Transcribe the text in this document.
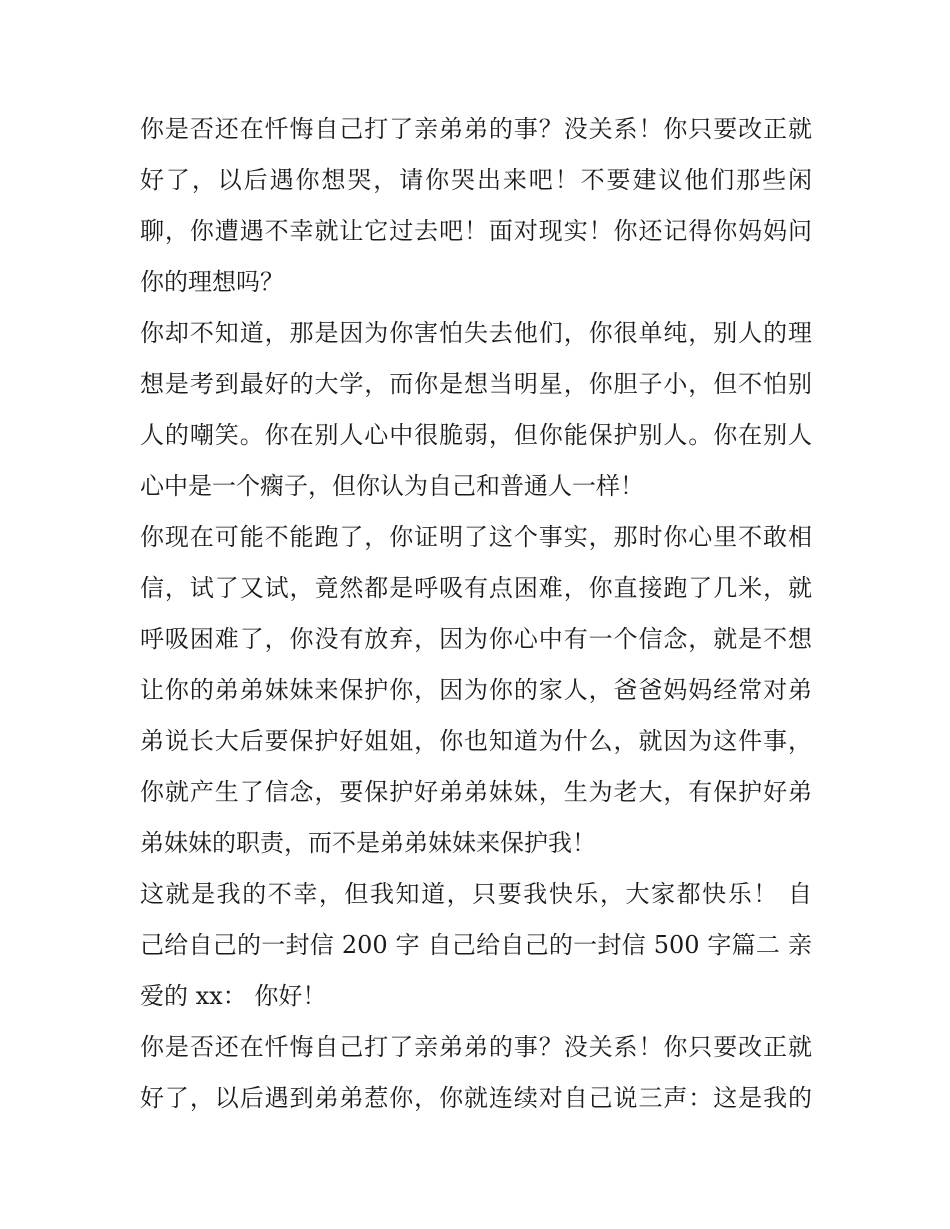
你是否还在忏悔自己打了亲弟弟的事？没关系！你只要改正就
好了，以后遇你想哭，请你哭出来吧！不要建议他们那些闲
聊，你遭遇不幸就让它过去吧！面对现实！你还记得你妈妈问
你的理想吗？
你却不知道，那是因为你害怕失去他们，你很单纯，别人的理
想是考到最好的大学，而你是想当明星，你胆子小，但不怕别
人的嘲笑。你在别人心中很脆弱，但你能保护别人。你在别人
心中是一个瘸子，但你认为自己和普通人一样！
你现在可能不能跑了，你证明了这个事实，那时你心里不敢相
信，试了又试，竟然都是呼吸有点困难，你直接跑了几米，就
呼吸困难了，你没有放弃，因为你心中有一个信念，就是不想
让你的弟弟妹妹来保护你，因为你的家人，爸爸妈妈经常对弟
弟说长大后要保护好姐姐，你也知道为什么，就因为这件事，
你就产生了信念，要保护好弟弟妹妹，生为老大，有保护好弟
弟妹妹的职责，而不是弟弟妹妹来保护我！
这就是我的不幸，但我知道，只要我快乐，大家都快乐！ 自
己给自己的一封信 200 字 自己给自己的一封信 500 字篇二 亲
爱的 xx： 你好！
你是否还在忏悔自己打了亲弟弟的事？没关系！你只要改正就
好了，以后遇到弟弟惹你，你就连续对自己说三声：这是我的
